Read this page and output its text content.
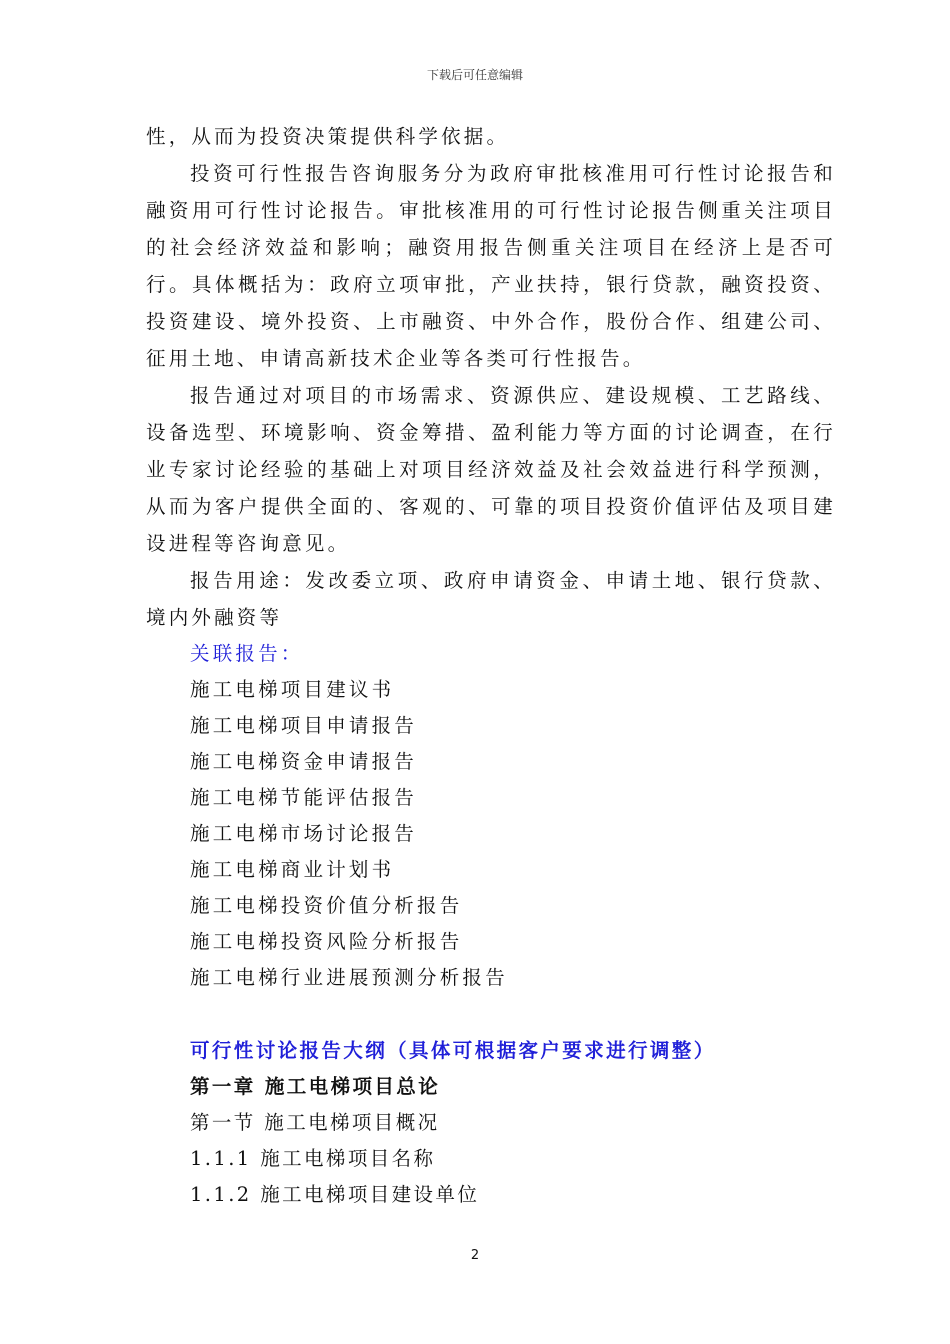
下载后可任意编辑

性，从而为投资决策提供科学依据。

投资可行性报告咨询服务分为政府审批核准用可行性讨论报告和融资用可行性讨论报告。审批核准用的可行性讨论报告侧重关注项目的社会经济效益和影响；融资用报告侧重关注项目在经济上是否可行。具体概括为：政府立项审批，产业扶持，银行贷款，融资投资、投资建设、境外投资、上市融资、中外合作，股份合作、组建公司、征用土地、申请高新技术企业等各类可行性报告。

报告通过对项目的市场需求、资源供应、建设规模、工艺路线、设备选型、环境影响、资金筹措、盈利能力等方面的讨论调查，在行业专家讨论经验的基础上对项目经济效益及社会效益进行科学预测，从而为客户提供全面的、客观的、可靠的项目投资价值评估及项目建设进程等咨询意见。

报告用途：发改委立项、政府申请资金、申请土地、银行贷款、境内外融资等

关联报告：
施工电梯项目建议书
施工电梯项目申请报告
施工电梯资金申请报告
施工电梯节能评估报告
施工电梯市场讨论报告
施工电梯商业计划书
施工电梯投资价值分析报告
施工电梯投资风险分析报告
施工电梯行业进展预测分析报告
可行性讨论报告大纲（具体可根据客户要求进行调整）
第一章 施工电梯项目总论
第一节 施工电梯项目概况
1.1.1 施工电梯项目名称
1.1.2 施工电梯项目建设单位
2
